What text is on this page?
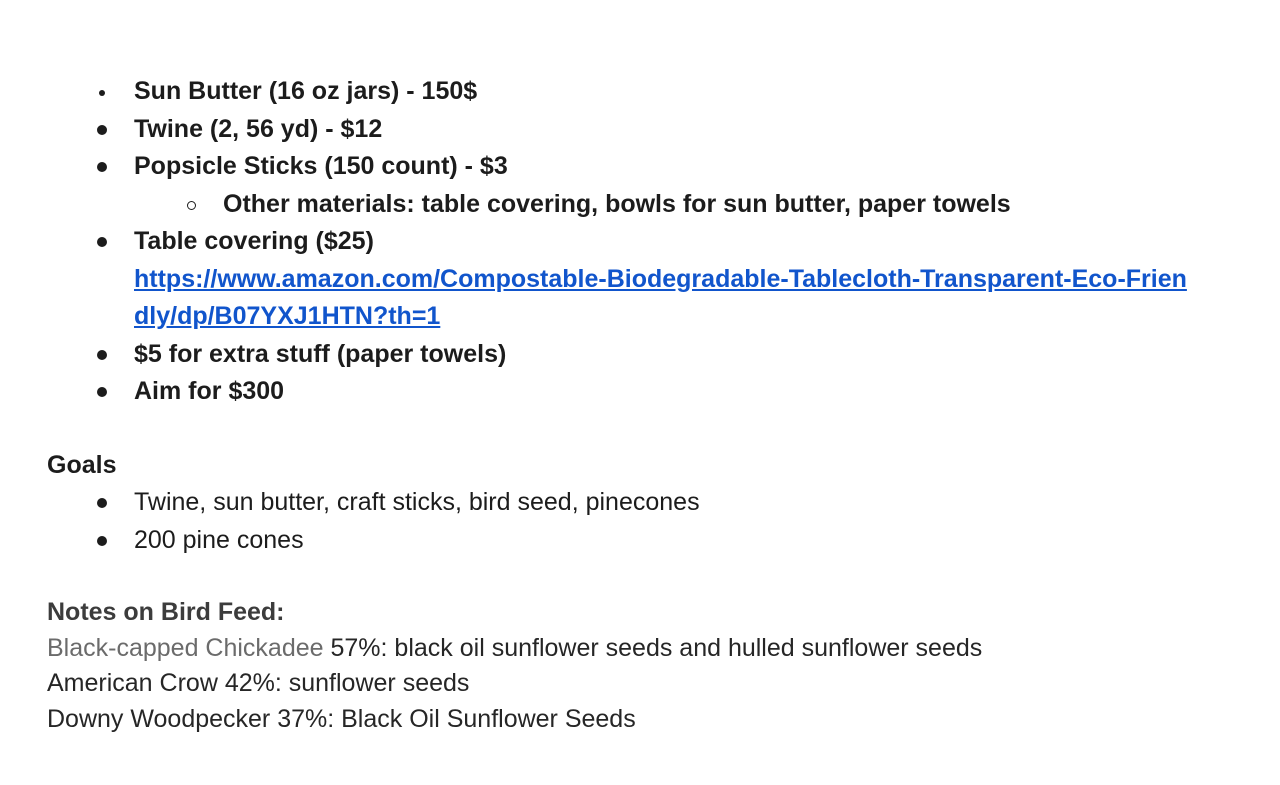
Sun Butter (16 oz jars) - 150$
Twine (2, 56 yd) - $12
Popsicle Sticks (150 count) - $3
Other materials: table covering, bowls for sun butter, paper towels
Table covering ($25)
https://www.amazon.com/Compostable-Biodegradable-Tablecloth-Transparent-Eco-Frien
dly/dp/B07YXJ1HTN?th=1
$5 for extra stuff (paper towels)
Aim for $300
Goals
Twine, sun butter, craft sticks, bird seed, pinecones
200 pine cones
Notes on Bird Feed:
Black-capped Chickadee 57%: black oil sunflower seeds and hulled sunflower seeds
American Crow 42%: sunflower seeds
Downy Woodpecker 37%: Black Oil Sunflower Seeds
